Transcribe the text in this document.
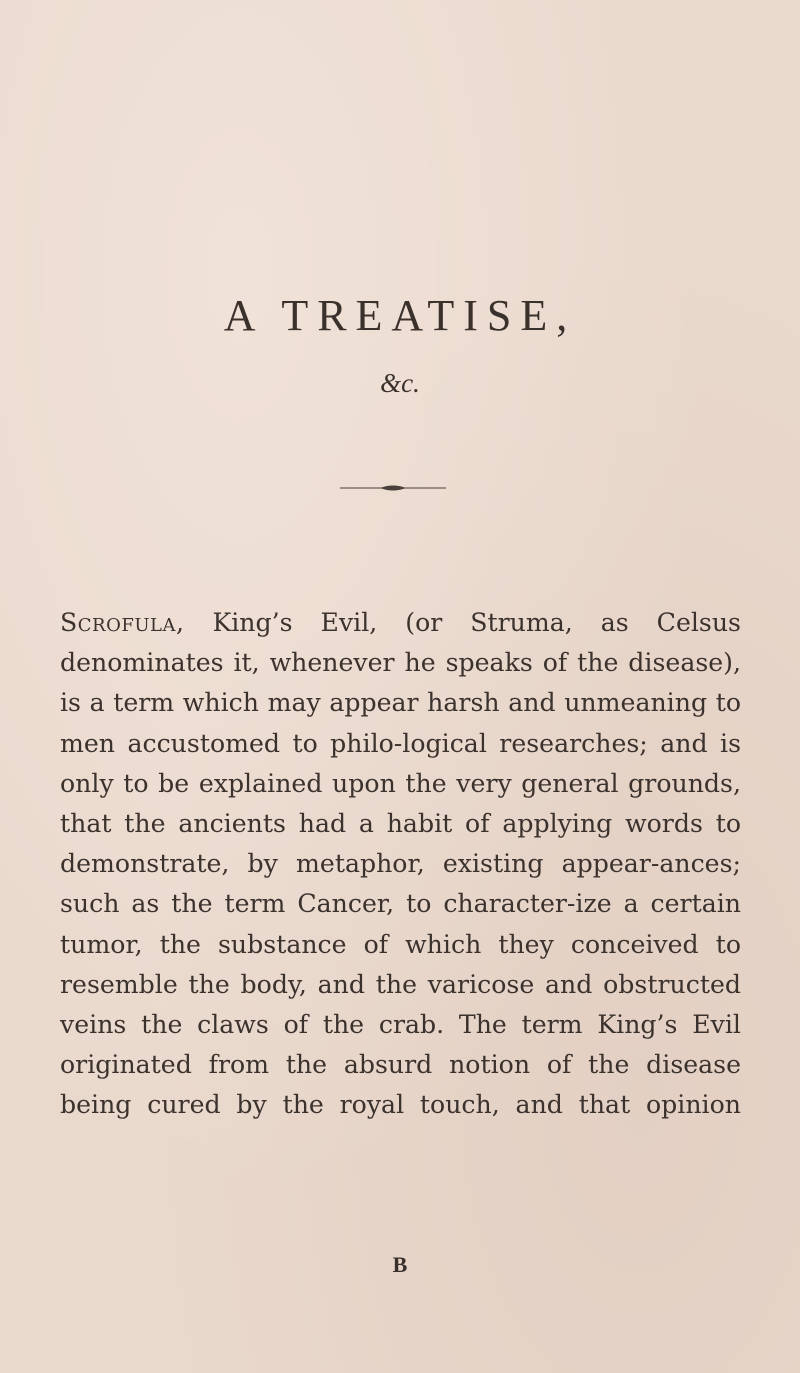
A TREATISE,

&c.

Scrofula, King’s Evil, (or Struma, as Celsus denominates it, whenever he speaks of the disease), is a term which may appear harsh and unmeaning to men accustomed to philo-logical researches; and is only to be explained upon the very general grounds, that the ancients had a habit of applying words to demonstrate, by metaphor, existing appear-ances; such as the term Cancer, to character-ize a certain tumor, the substance of which they conceived to resemble the body, and the varicose and obstructed veins the claws of the crab. The term King’s Evil originated from the absurd notion of the disease being cured by the royal touch, and that opinion

B
